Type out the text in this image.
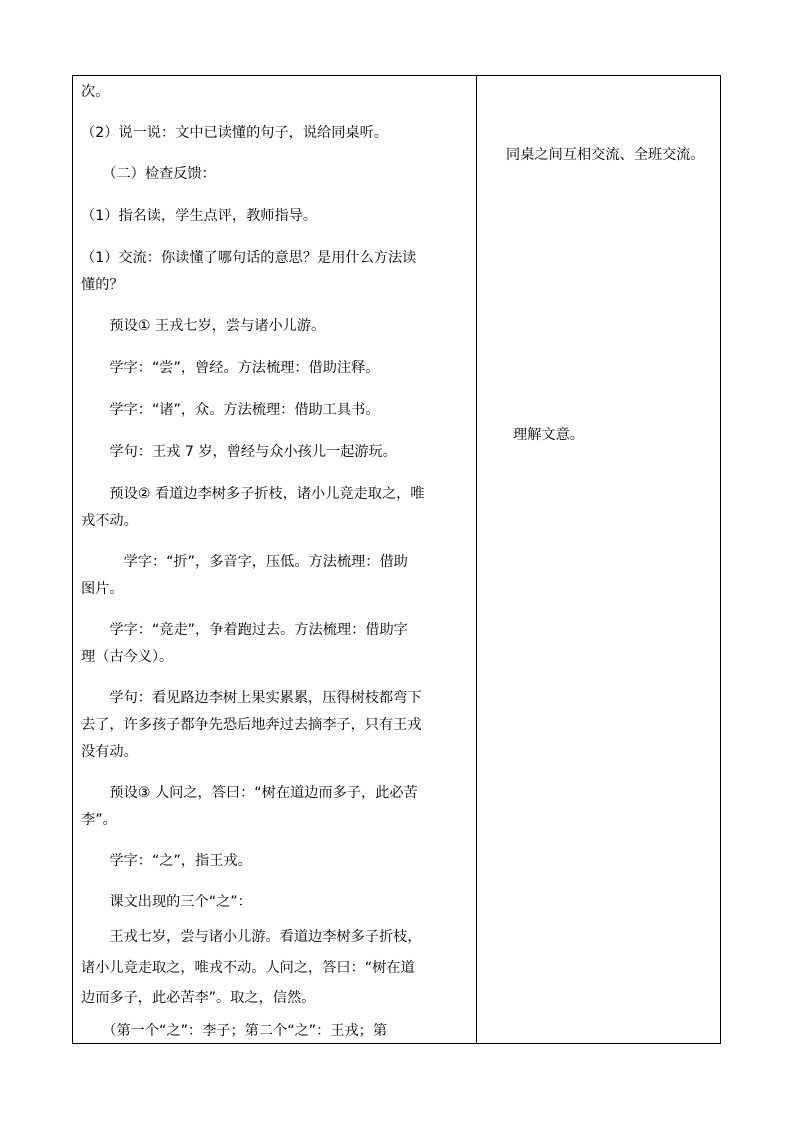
次。
（2）说一说：文中已读懂的句子，说给同桌听。
　　（二）检查反馈：
（1）指名读，学生点评，教师指导。
（1）交流：你读懂了哪句话的意思？是用什么方法读
懂的？
　　预设① 王戎七岁，尝与诸小儿游。
　　学字：“尝”，曾经。方法梳理：借助注释。
　　学字：“诸”，众。方法梳理：借助工具书。
　　学句：王戎 7 岁，曾经与众小孩儿一起游玩。
　　预设② 看道边李树多子折枝，诸小儿竞走取之，唯
戎不动。
　　　学字：“折”，多音字，压低。方法梳理：借助
图片。
　　学字：“竞走”，争着跑过去。方法梳理：借助字
理（古今义）。
　　学句：看见路边李树上果实累累，压得树枝都弯下
去了，许多孩子都争先恐后地奔过去摘李子，只有王戎
没有动。
　　预设③ 人问之，答曰：“树在道边而多子，此必苦
李”。
　　学字：“之”，指王戎。
　　课文出现的三个“之”：
　　王戎七岁，尝与诸小儿游。看道边李树多子折枝，
诸小儿竞走取之，唯戎不动。人问之，答曰：“树在道
边而多子，此必苦李”。取之，信然。
　　（第一个“之”：李子；第二个“之”：王戎；第
同桌之间互相交流、全班交流。
理解文意。
